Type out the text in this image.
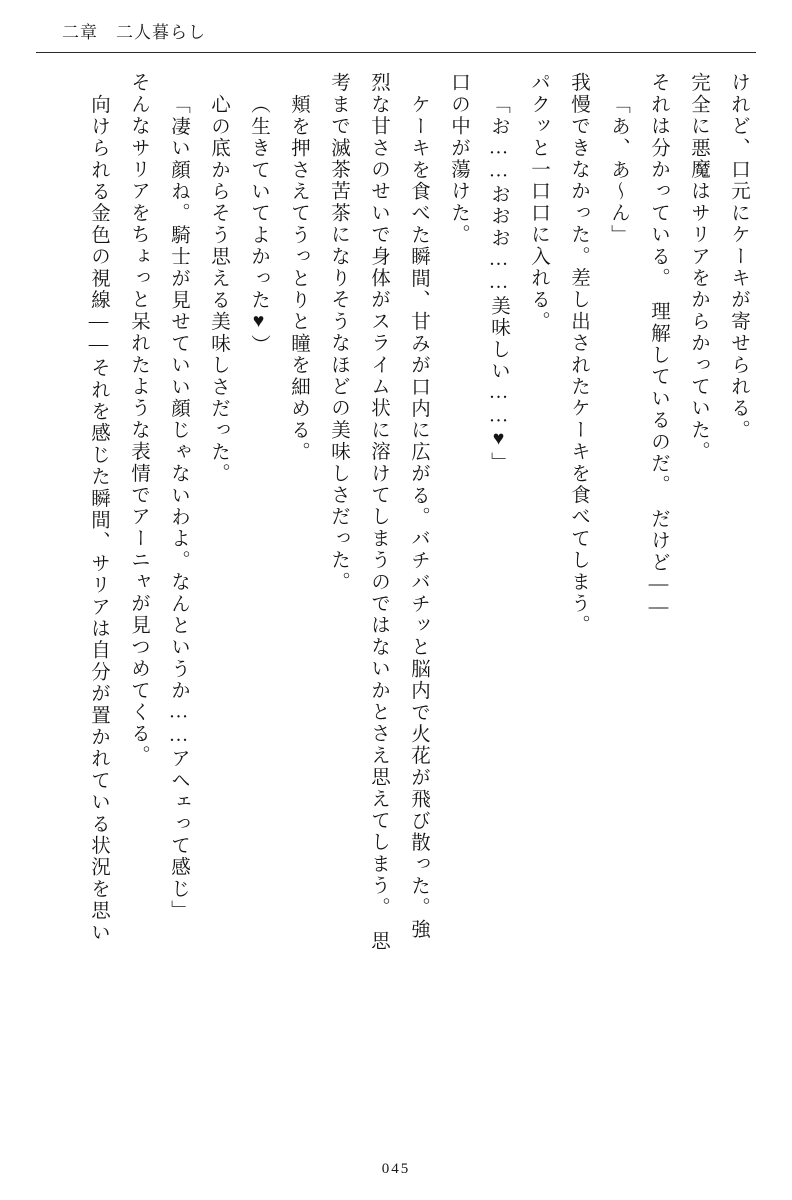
二章　二人暮らし
けれど、口元にケーキが寄せられる。
完全に悪魔はサリアをからかっていた。
それは分かっている。　理解しているのだ。　だけど――
「あ、あ〜ん」
我慢できなかった。差し出されたケーキを食べてしまう。
パクッと一口口に入れる。
「お……おおお……美味しい……♥」
口の中が蕩けた。
ケーキを食べた瞬間、甘みが口内に広がる。バチバチッと脳内で火花が飛び散った。強
烈な甘さのせいで身体がスライム状に溶けてしまうのではないかとさえ思えてしまう。　思
考まで滅茶苦茶になりそうなほどの美味しさだった。
頬を押さえてうっとりと瞳を細める。
（生きていてよかった♥）
心の底からそう思える美味しさだった。
「凄い顔ね。騎士が見せていい顔じゃないわよ。なんというか……アヘェって感じ」
そんなサリアをちょっと呆れたような表情でアーニャが見つめてくる。
向けられる金色の視線――それを感じた瞬間、サリアは自分が置かれている状況を思い
045
